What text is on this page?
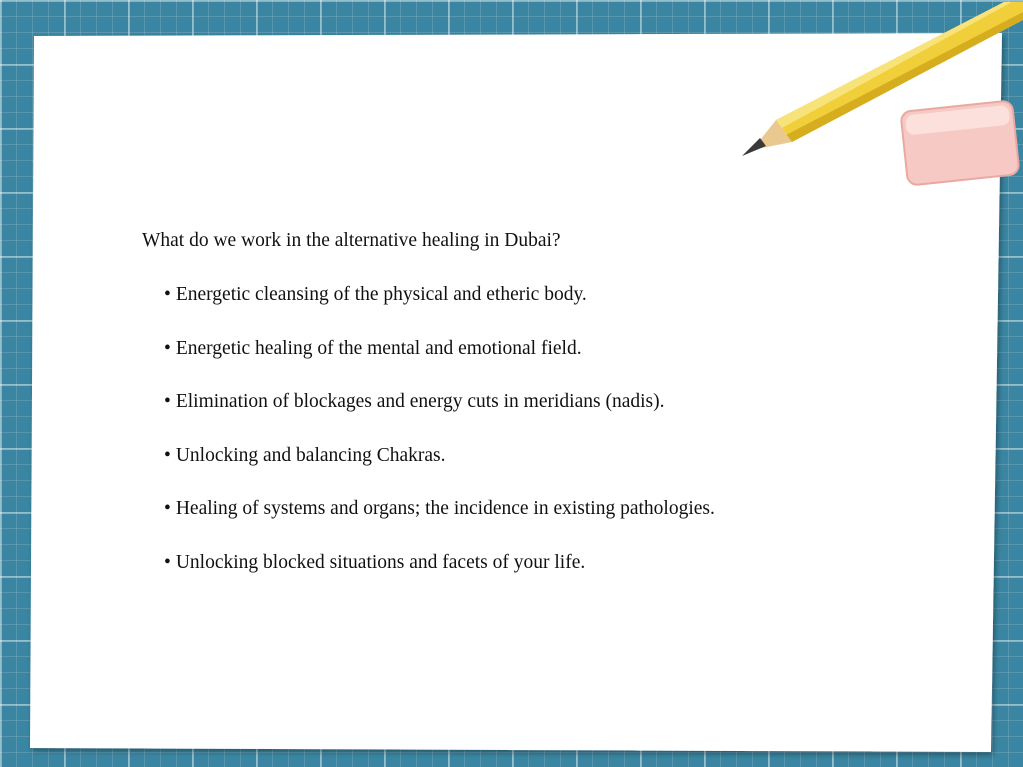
What do we work in the alternative healing in Dubai?

• Energetic cleansing of the physical and etheric body.
• Energetic healing of the mental and emotional field.
• Elimination of blockages and energy cuts in meridians (nadis).
• Unlocking and balancing Chakras.
• Healing of systems and organs; the incidence in existing pathologies.
• Unlocking blocked situations and facets of your life.
